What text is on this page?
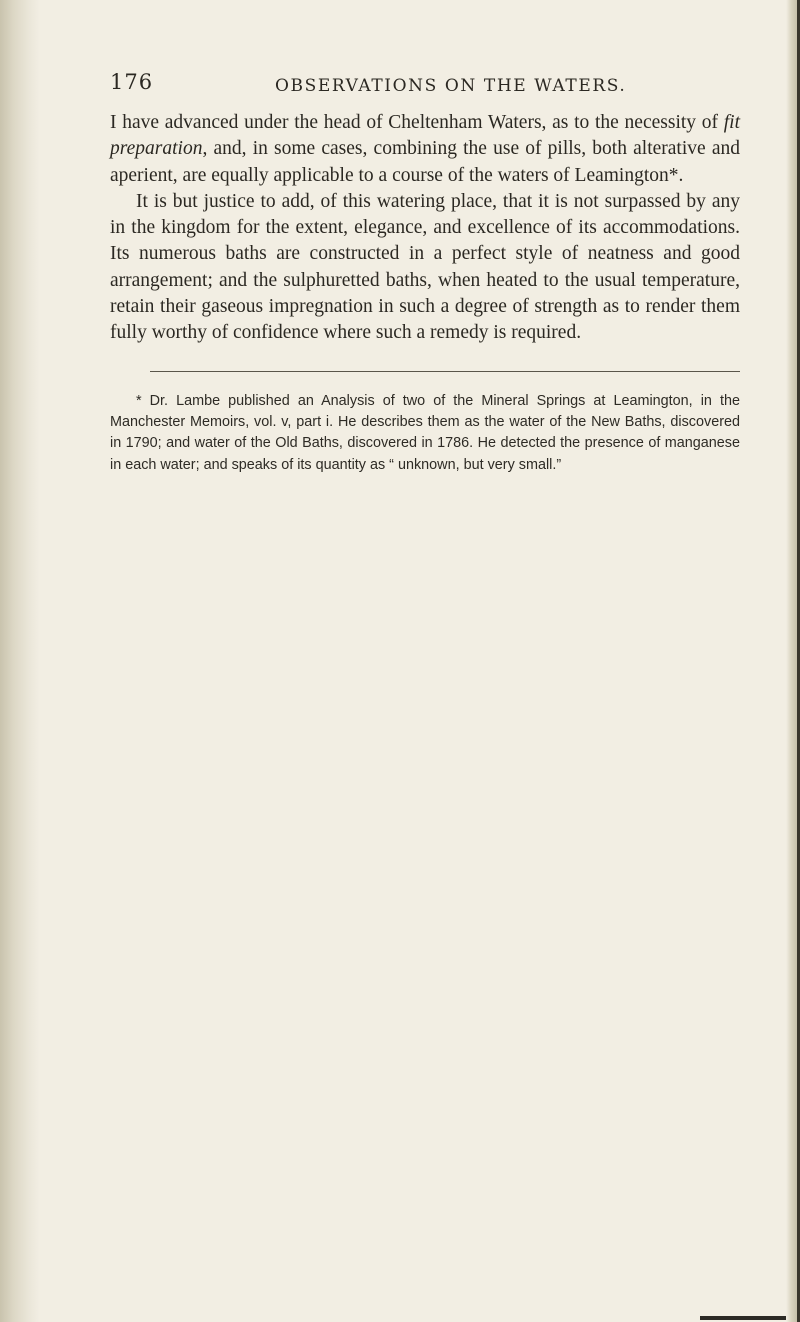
176	OBSERVATIONS ON THE WATERS.

I have advanced under the head of Cheltenham Waters, as to the necessity of fit preparation, and, in some cases, combining the use of pills, both alterative and aperient, are equally applicable to a course of the waters of Leamington*.

It is but justice to add, of this watering place, that it is not surpassed by any in the kingdom for the extent, elegance, and excellence of its accommodations. Its numerous baths are constructed in a perfect style of neatness and good arrangement; and the sulphuretted baths, when heated to the usual temperature, retain their gaseous impregnation in such a degree of strength as to render them fully worthy of confidence where such a remedy is required.

* Dr. Lambe published an Analysis of two of the Mineral Springs at Leamington, in the Manchester Memoirs, vol. v, part i. He describes them as the water of the New Baths, discovered in 1790; and water of the Old Baths, discovered in 1786. He detected the presence of manganese in each water; and speaks of its quantity as “ unknown, but very small.”
